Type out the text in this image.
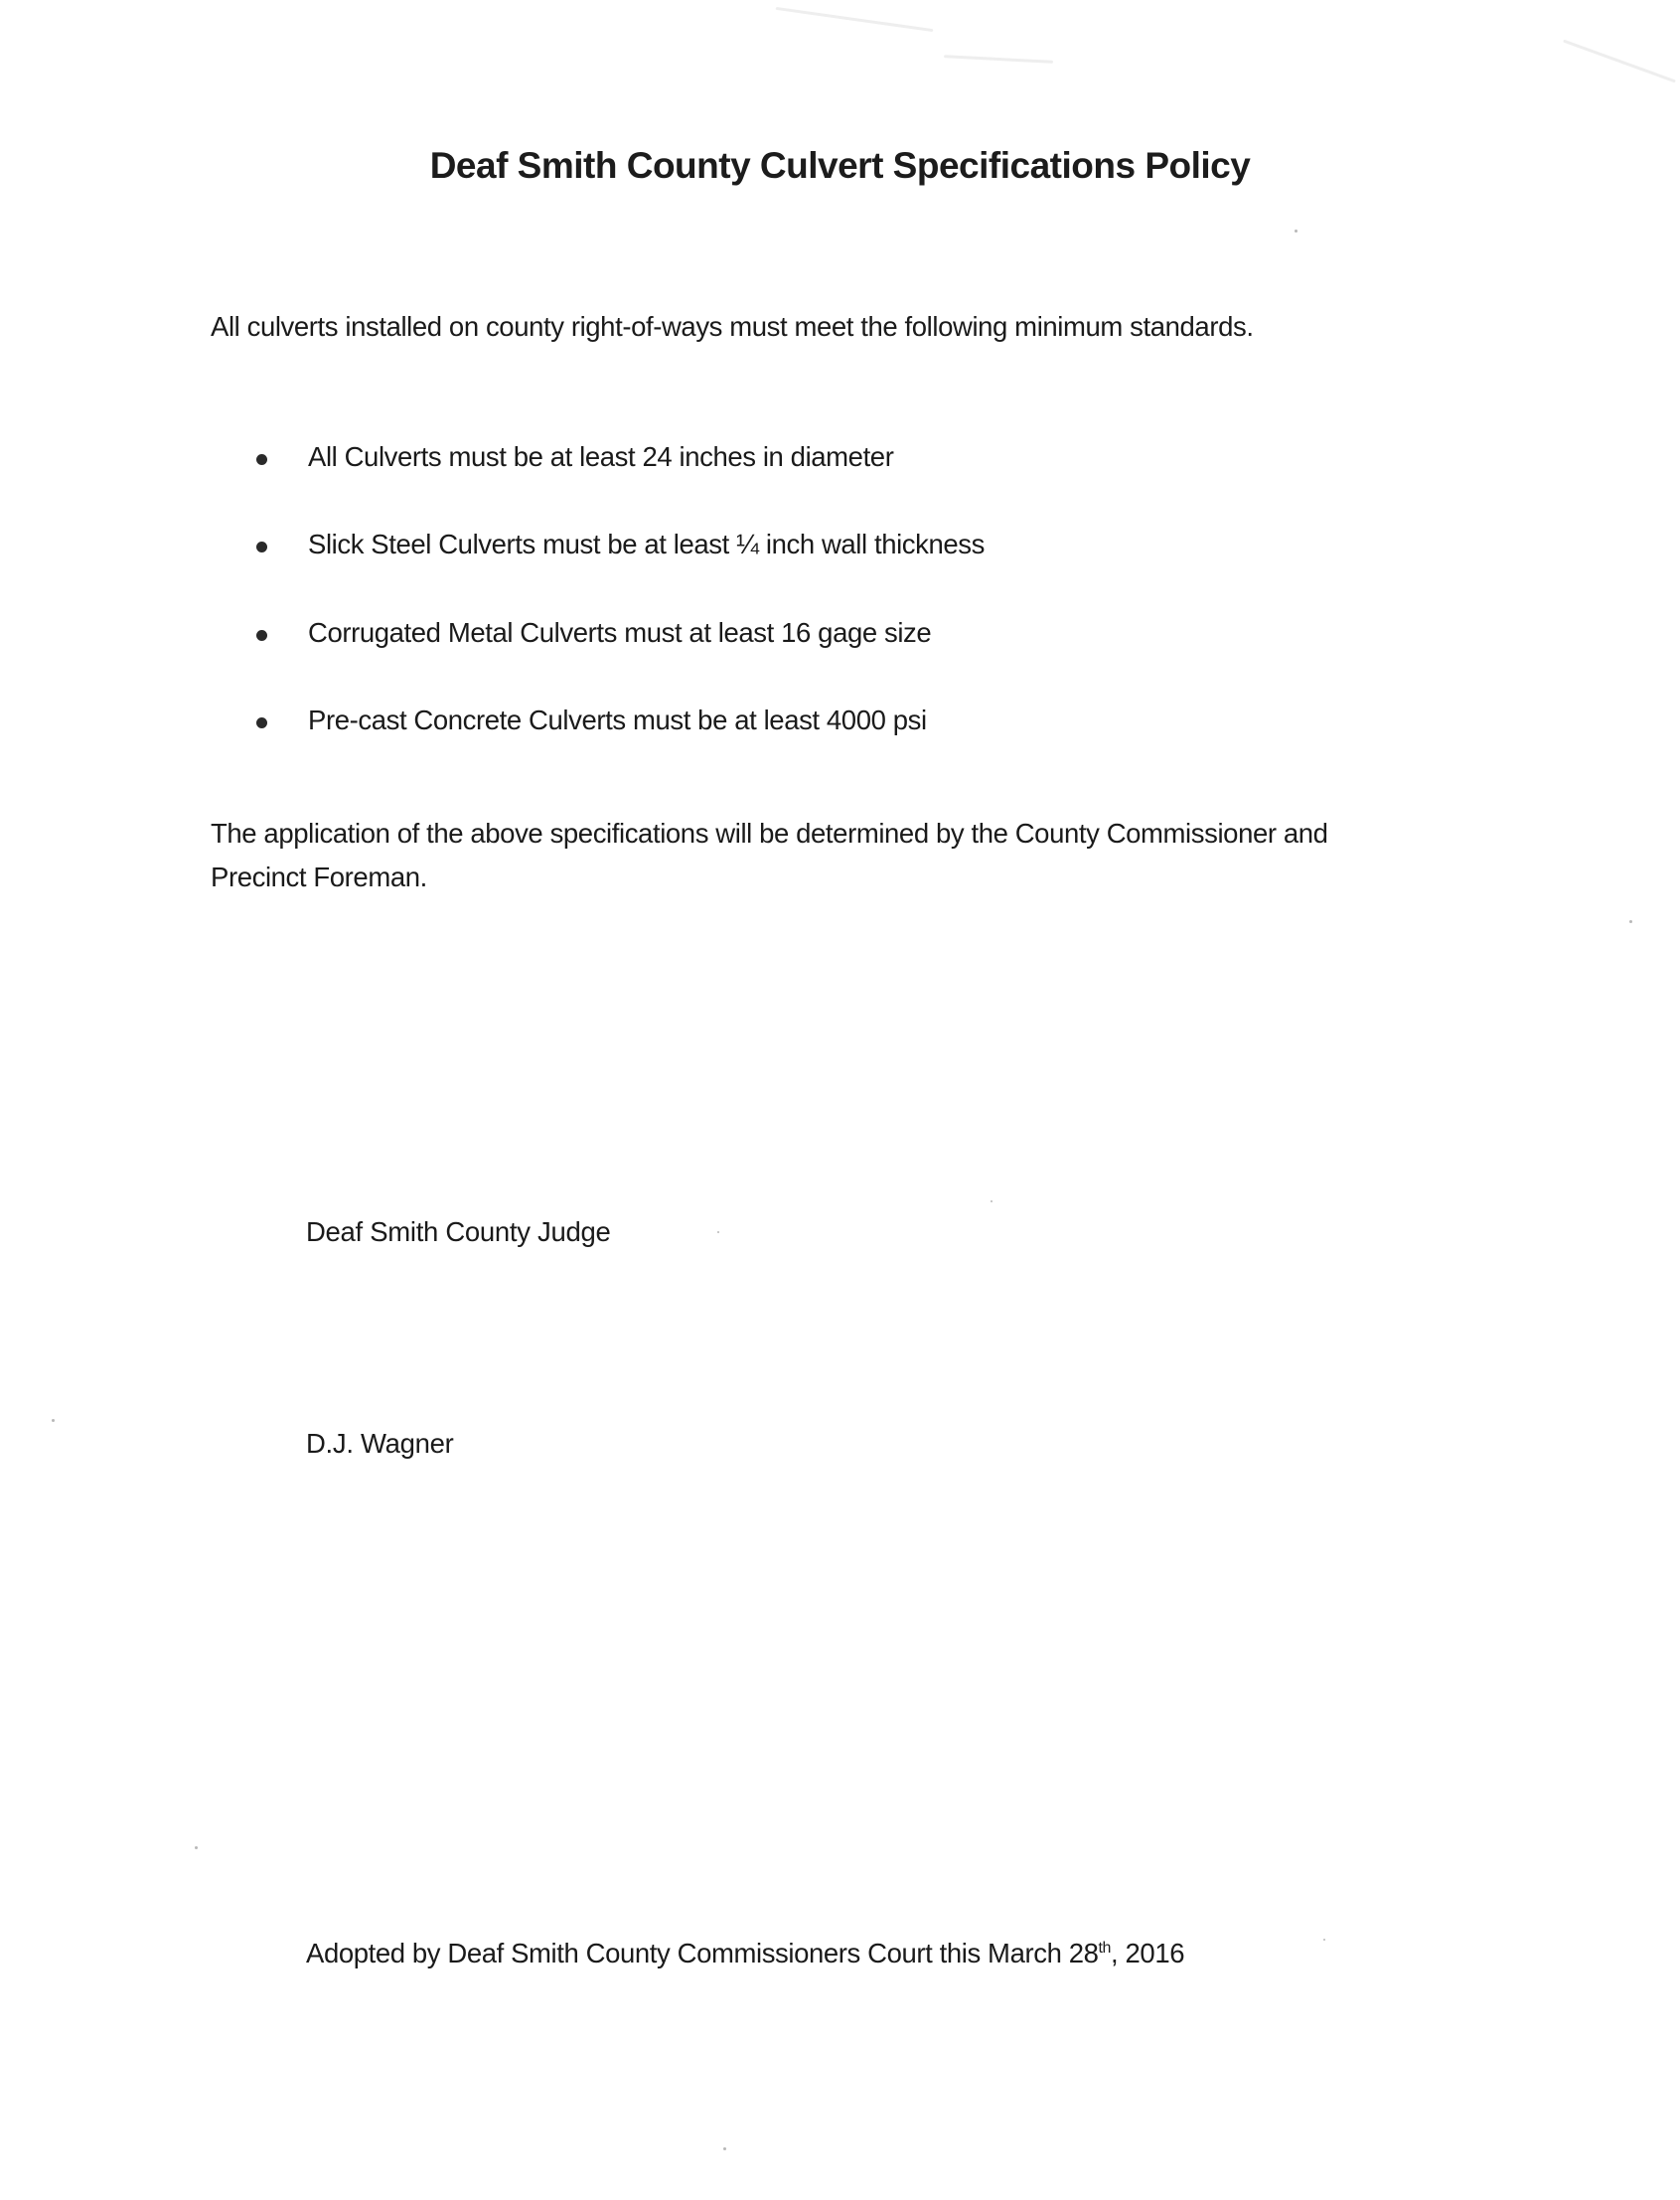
Deaf Smith County Culvert Specifications Policy
All culverts installed on county right-of-ways must meet the following minimum standards.
All Culverts must be at least 24 inches in diameter
Slick Steel Culverts must be at least ¼ inch wall thickness
Corrugated Metal Culverts must at least 16 gage size
Pre-cast Concrete Culverts must be at least 4000 psi
The application of the above specifications will be determined by the County Commissioner and
Precinct Foreman.
Deaf Smith County Judge
D.J. Wagner
Adopted by Deaf Smith County Commissioners Court this March 28th, 2016
